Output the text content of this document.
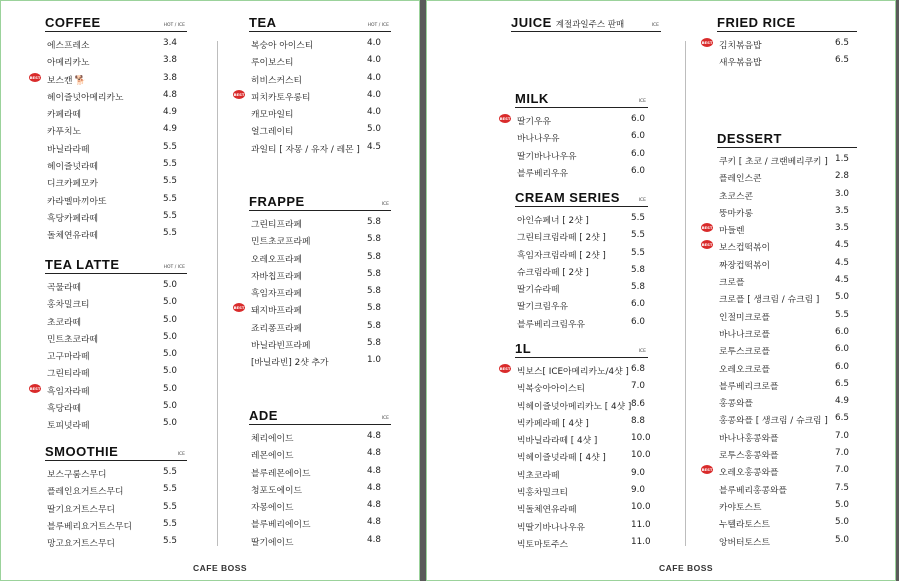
COFFEE	HOT / ICE
에스프레소	3.4
아메리카노	3.8
보스캔 🐕	3.8
BEST
헤이즐넛아메리카노	4.8
카페라떼	4.9
카푸치노	4.9
바닐라라떼	5.5
헤이즐넛라떼	5.5
디크카페모카	5.5
카라멜마끼아또	5.5
흑당카페라떼	5.5
돌체연유라떼	5.5
TEA LATTE	HOT / ICE
곡물라떼	5.0
홍차밀크티	5.0
초코라떼	5.0
민트초코라떼	5.0
고구마라떼	5.0
그린티라떼	5.0
흑임자라떼	5.0
BEST
흑당라떼	5.0
토피넛라떼	5.0
SMOOTHIE	ICE
보스구룸스무디	5.5
플레인요거트스무디	5.5
딸기요거트스무디	5.5
블루베리요거트스무디	5.5
망고요거트스무디	5.5
TEA	HOT / ICE
복숭아 아이스티	4.0
루이보스티	4.0
히비스커스티	4.0
피치카토우롱티	4.0
BEST
캐모마일티	4.0
얼그레이티	5.0
과일티 [ 자몽 / 유자 / 레몬 ] 4.5
FRAPPE	ICE
그린티프라페	5.8
민트초코프라페	5.8
오레오프라페	5.8
자바칩프라페	5.8
흑임자프라페	5.8
돼지바프라페	5.8
BEST
죠리퐁프라페	5.8
바닐라빈프라페	5.8
[바닐라빈] 2샷 추가	1.0
ADE	ICE
체리에이드	4.8
레몬에이드	4.8
블루레몬에이드	4.8
청포도에이드	4.8
자몽에이드	4.8
블루베리에이드	4.8
딸기에이드	4.8
CAFE BOSS
JUICE 계절과일주스 판매	ICE
MILK	ICE
딸기우유	6.0
BEST
바나나우유	6.0
딸기바나나우유	6.0
블루베리우유	6.0
CREAM SERIES	ICE
아인슈페너 [ 2샷 ]	5.5
그린티크림라떼 [ 2샷 ]	5.5
흑임자크림라떼 [ 2샷 ]	5.5
슈크림라떼 [ 2샷 ]	5.8
딸기슈라떼	5.8
딸기크림우유	6.0
블루베리크림우유	6.0
1L	ICE
빅보스[ ICE아메리카노/4샷 ] 6.8
BEST
빅복숭아아이스티	7.0
빅헤이즐넛아메리카노 [ 4샷 ] 8.6
빅카페라떼 [ 4샷 ]	8.8
빅바닐라라떼 [ 4샷 ]	10.0
빅헤이즐넛라떼 [ 4샷 ]	10.0
빅초코라떼	9.0
빅홍차밀크티	9.0
빅돌체연유라떼	10.0
빅딸기바나나우유	11.0
빅토마토주스	11.0
FRIED RICE
김치볶음밥	6.5
BEST
새우볶음밥	6.5
DESSERT
쿠키 [ 초코 / 크랜베리쿠키 ] 1.5
플레인스콘	2.8
초코스콘	3.0
뚱마카롱	3.5
마들렌	3.5
BEST
보스컵떡볶이	4.5
BEST
짜장컵떡볶이	4.5
크로플	4.5
크로플 [ 생크림 / 슈크림 ] 5.0
인절미크로플	5.5
바나나크로플	6.0
로투스크로플	6.0
오레오크로플	6.0
블루베리크로플	6.5
홍콩와플	4.9
홍콩와플 [ 생크림 / 슈크림 ] 6.5
바나나홍콩와플	7.0
로투스홍콩와플	7.0
오레오홍콩와플	7.0
BEST
블루베리홍콩와플	7.5
카야토스트	5.0
누텔라토스트	5.0
앙버터토스트	5.0
CAFE BOSS
